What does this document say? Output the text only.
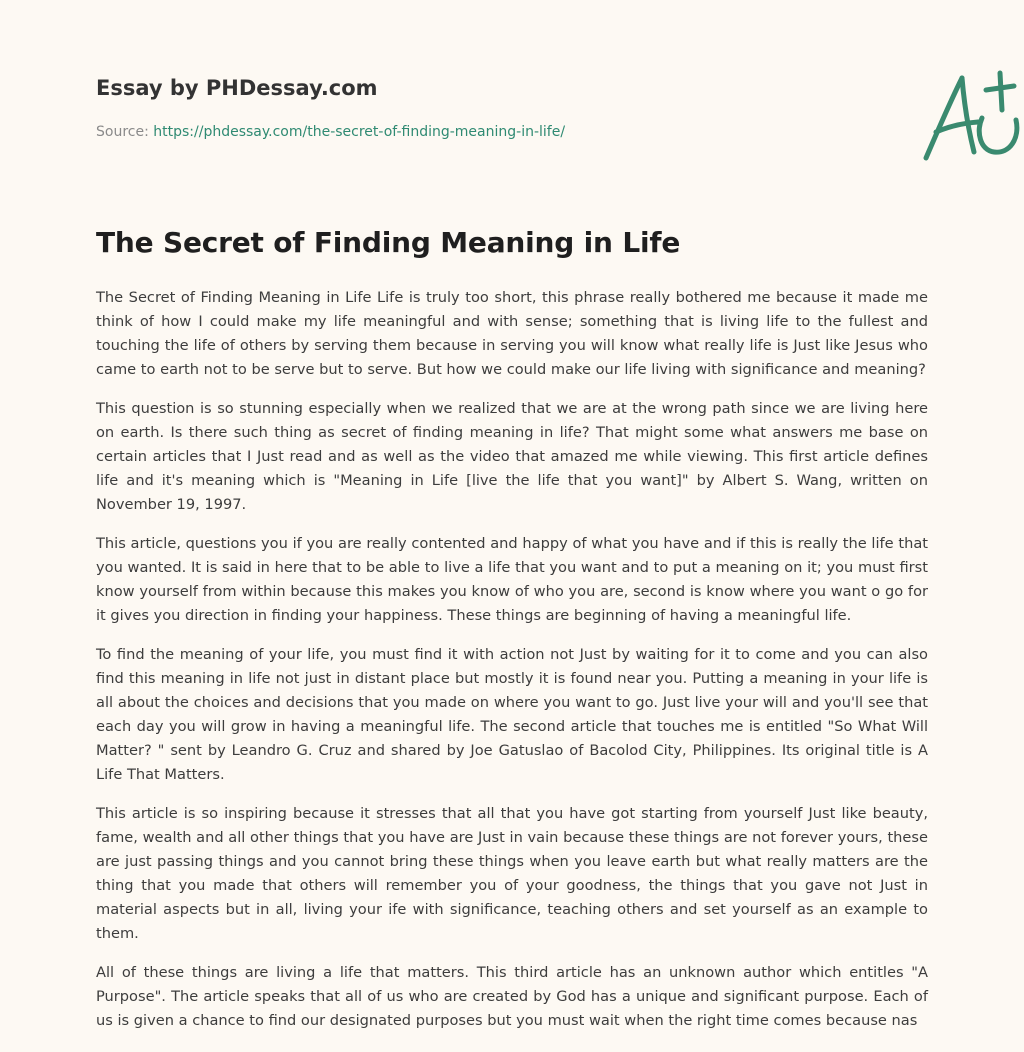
Essay by PHDessay.com
Source: https://phdessay.com/the-secret-of-finding-meaning-in-life/
The Secret of Finding Meaning in Life

The Secret of Finding Meaning in Life Life is truly too short, this phrase really bothered me because it made me think of how I could make my life meaningful and with sense; something that is living life to the fullest and touching the life of others by serving them because in serving you will know what really life is Just like Jesus who came to earth not to be serve but to serve. But how we could make our life living with significance and meaning?

This question is so stunning especially when we realized that we are at the wrong path since we are living here on earth. Is there such thing as secret of finding meaning in life? That might some what answers me base on certain articles that I Just read and as well as the video that amazed me while viewing. This first article defines life and it's meaning which is "Meaning in Life [live the life that you want]" by Albert S. Wang, written on November 19, 1997.

This article, questions you if you are really contented and happy of what you have and if this is really the life that you wanted. It is said in here that to be able to live a life that you want and to put a meaning on it; you must first know yourself from within because this makes you know of who you are, second is know where you want o go for it gives you direction in finding your happiness. These things are beginning of having a meaningful life.

To find the meaning of your life, you must find it with action not Just by waiting for it to come and you can also find this meaning in life not just in distant place but mostly it is found near you. Putting a meaning in your life is all about the choices and decisions that you made on where you want to go. Just live your will and you'll see that each day you will grow in having a meaningful life. The second article that touches me is entitled "So What Will Matter? " sent by Leandro G. Cruz and shared by Joe Gatuslao of Bacolod City, Philippines. Its original title is A Life That Matters.

This article is so inspiring because it stresses that all that you have got starting from yourself Just like beauty, fame, wealth and all other things that you have are Just in vain because these things are not forever yours, these are just passing things and you cannot bring these things when you leave earth but what really matters are the thing that you made that others will remember you of your goodness, the things that you gave not Just in material aspects but in all, living your ife with significance, teaching others and set yourself as an example to them.

All of these things are living a life that matters. This third article has an unknown author which entitles "A Purpose". The article speaks that all of us who are created by God has a unique and significant purpose. Each of us is given a chance to find our designated purposes but you must wait when the right time comes because nas
